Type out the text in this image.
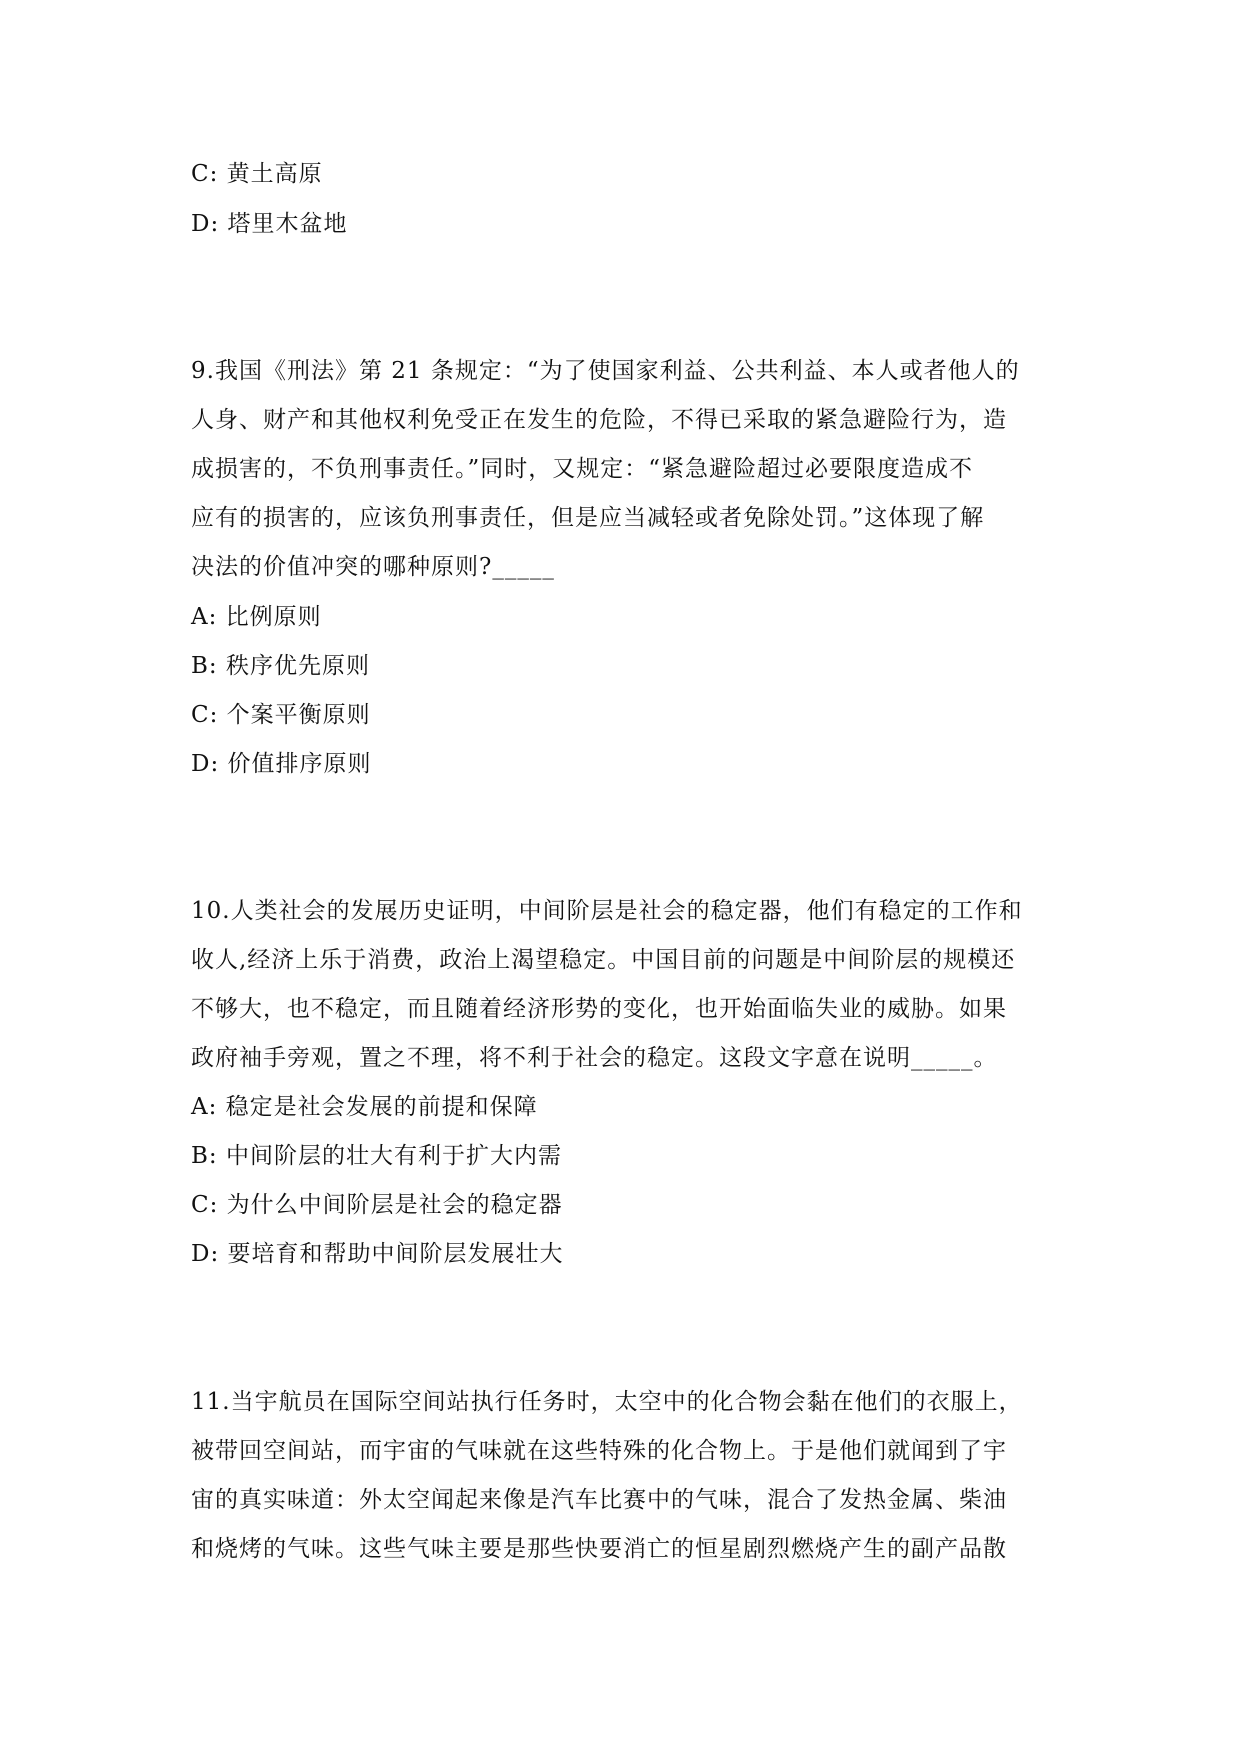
C: 黄土高原
D: 塔里木盆地
9.我国《刑法》第 21 条规定：“为了使国家利益、公共利益、本人或者他人的
人身、财产和其他权利免受正在发生的危险，不得已采取的紧急避险行为，造
成损害的，不负刑事责任。”同时，又规定：“紧急避险超过必要限度造成不
应有的损害的，应该负刑事责任，但是应当减轻或者免除处罚。”这体现了解
决法的价值冲突的哪种原则?_____
A: 比例原则
B: 秩序优先原则
C: 个案平衡原则
D: 价值排序原则
10.人类社会的发展历史证明，中间阶层是社会的稳定器，他们有稳定的工作和
收人,经济上乐于消费，政治上渴望稳定。中国目前的问题是中间阶层的规模还
不够大，也不稳定，而且随着经济形势的变化，也开始面临失业的威胁。如果
政府袖手旁观，置之不理，将不利于社会的稳定。这段文字意在说明_____。
A: 稳定是社会发展的前提和保障
B: 中间阶层的壮大有利于扩大内需
C: 为什么中间阶层是社会的稳定器
D: 要培育和帮助中间阶层发展壮大
11.当宇航员在国际空间站执行任务时，太空中的化合物会黏在他们的衣服上，
被带回空间站，而宇宙的气味就在这些特殊的化合物上。于是他们就闻到了宇
宙的真实味道：外太空闻起来像是汽车比赛中的气味，混合了发热金属、柴油
和烧烤的气味。这些气味主要是那些快要消亡的恒星剧烈燃烧产生的副产品散
